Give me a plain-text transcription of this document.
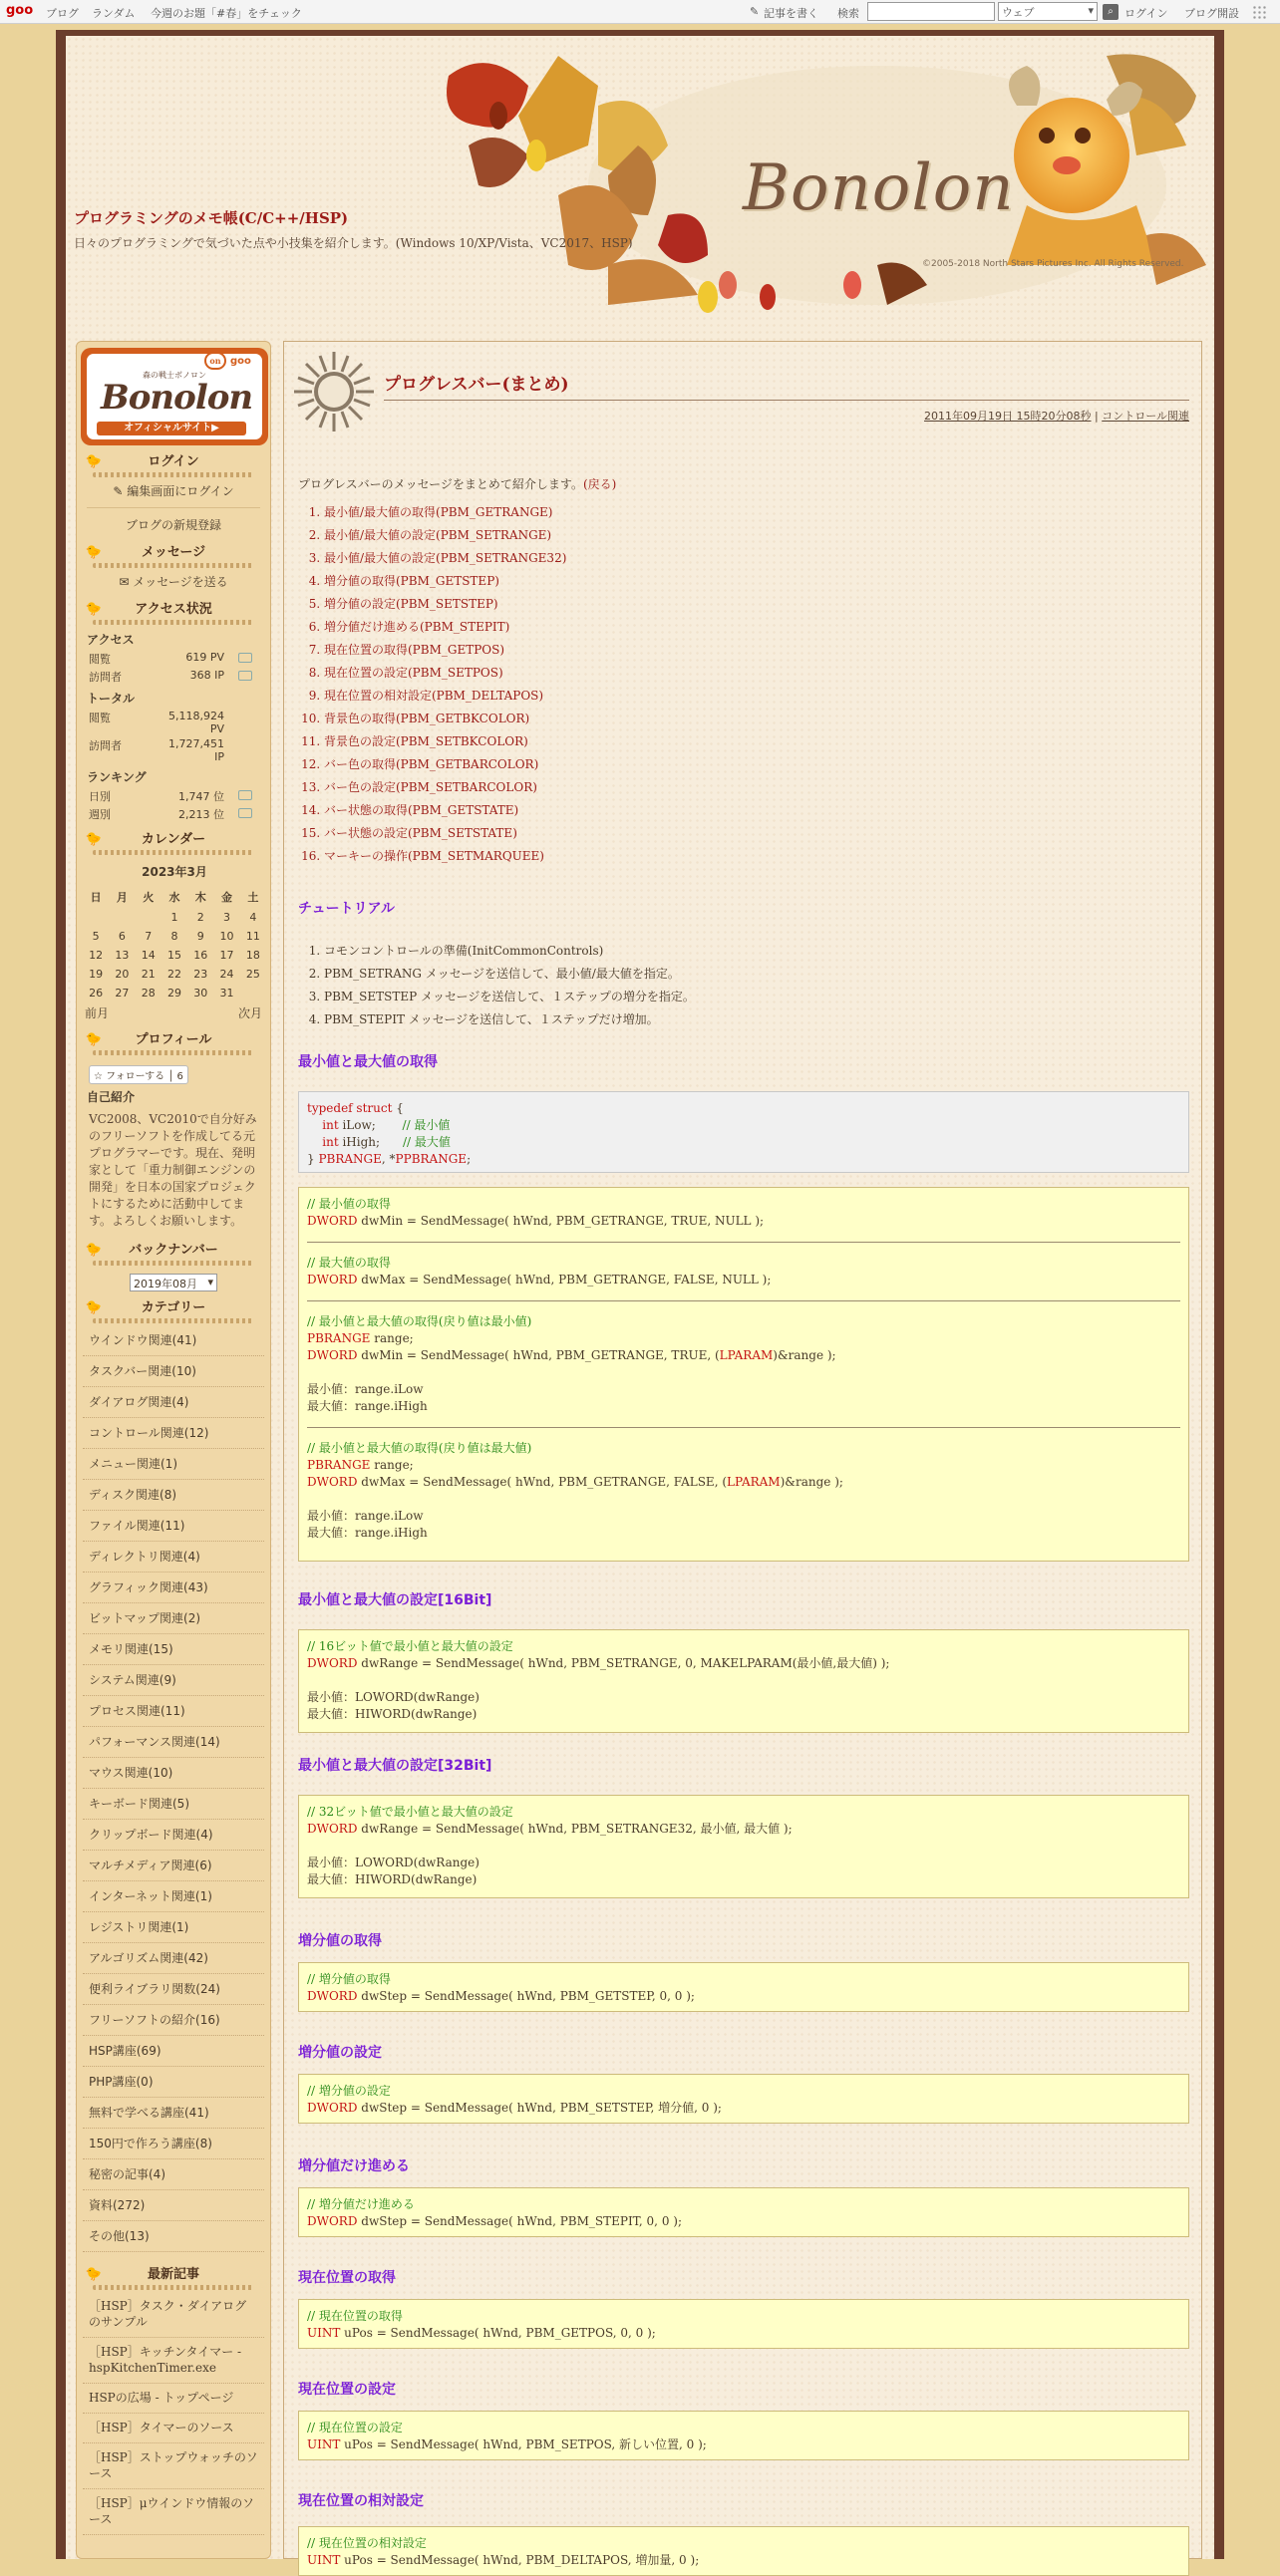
goo ブログ ランダム 今週のお題「#春」をチェック	✎ 記事を書く 検索	ウェブ	▾	⌕	ログイン ブログ開設
Bonolon
©2005-2018 North Stars Pictures Inc. All Rights Reserved.
プログラミングのメモ帳(C/C++/HSP)
日々のプログラミングで気づいた点や小技集を紹介します。(Windows 10/XP/Vista、VC2017、HSP)
on goo
森の戦士ボノロン
Bonolon
オフィシャルサイト▶
🐤	ログイン
✎ 編集画面にログイン
ブログの新規登録
🐤	メッセージ
✉ メッセージを送る
🐤	アクセス状況
アクセス
閲覧	619 PV
訪問者	368 IP
トータル
閲覧	5,118,924 PV
訪問者	1,727,451 IP
ランキング
日別	1,747 位
週別	2,213 位
🐤	カレンダー
2023年3月
日	月	火	水	木	金	土
			1	2	3	4
5	6	7	8	9	10	11
12	13	14	15	16	17	18
19	20	21	22	23	24	25
26	27	28	29	30	31	
前月	次月
🐤	プロフィール
☆ フォローする │ 6
自己紹介
VC2008、VC2010で自分好みのフリーソフトを作成してる元プログラマーです。現在、発明家として「重力制御エンジンの開発」を日本の国家プロジェクトにするために活動中してます。よろしくお願いします。
🐤 バックナンバー
2019年08月 ▾
🐤	カテゴリー
ウインドウ関連(41)
タスクバー関連(10)
ダイアログ関連(4)
コントロール関連(12)
メニュー関連(1)
ディスク関連(8)
ファイル関連(11)
ディレクトリ関連(4)
グラフィック関連(43)
ビットマップ関連(2)
メモリ関連(15)
システム関連(9)
プロセス関連(11)
パフォーマンス関連(14)
マウス関連(10)
キーボード関連(5)
クリップボード関連(4)
マルチメディア関連(6)
インターネット関連(1)
レジストリ関連(1)
アルゴリズム関連(42)
便利ライブラリ関数(24)
フリーソフトの紹介(16)
HSP講座(69)
PHP講座(0)
無料で学べる講座(41)
150円で作ろう講座(8)
秘密の記事(4)
資料(272)
その他(13)
🐤	最新記事
［HSP］タスク・ダイアログのサンプル
［HSP］キッチンタイマー - hspKitchenTimer.exe
HSPの広場 - トップページ
［HSP］タイマーのソース
［HSP］ストップウォッチのソース
［HSP］μウインドウ情報のソース
プログレスバー(まとめ)
2011年09月19日 15時20分08秒 | コントロール関連
プログレスバーのメッセージをまとめて紹介します。(戻る)
1. 最小値/最大値の取得(PBM_GETRANGE)
2. 最小値/最大値の設定(PBM_SETRANGE)
3. 最小値/最大値の設定(PBM_SETRANGE32)
4. 増分値の取得(PBM_GETSTEP)
5. 増分値の設定(PBM_SETSTEP)
6. 増分値だけ進める(PBM_STEPIT)
7. 現在位置の取得(PBM_GETPOS)
8. 現在位置の設定(PBM_SETPOS)
9. 現在位置の相対設定(PBM_DELTAPOS)
10. 背景色の取得(PBM_GETBKCOLOR)
11. 背景色の設定(PBM_SETBKCOLOR)
12. バー色の取得(PBM_GETBARCOLOR)
13. バー色の設定(PBM_SETBARCOLOR)
14. バー状態の取得(PBM_GETSTATE)
15. バー状態の設定(PBM_SETSTATE)
16. マーキーの操作(PBM_SETMARQUEE)
チュートリアル
1. コモンコントロールの準備(InitCommonControls)
2. PBM_SETRANG メッセージを送信して、最小値/最大値を指定。
3. PBM_SETSTEP メッセージを送信して、１ステップの増分を指定。
4. PBM_STEPIT メッセージを送信して、１ステップだけ増加。
最小値と最大値の取得
typedef struct {
int iLow;       // 最小値
int iHigh;      // 最大値
} PBRANGE, *PPBRANGE;
// 最小値の取得
DWORD dwMin = SendMessage( hWnd, PBM_GETRANGE, TRUE, NULL );
// 最大値の取得
DWORD dwMax = SendMessage( hWnd, PBM_GETRANGE, FALSE, NULL );
// 最小値と最大値の取得(戻り値は最小値)
PBRANGE range;
DWORD dwMin = SendMessage( hWnd, PBM_GETRANGE, TRUE, (LPARAM)&range );

最小値：range.iLow
最大値：range.iHigh
// 最小値と最大値の取得(戻り値は最大値)
PBRANGE range;
DWORD dwMax = SendMessage( hWnd, PBM_GETRANGE, FALSE, (LPARAM)&range );

最小値：range.iLow
最大値：range.iHigh
最小値と最大値の設定[16Bit]
// 16ビット値で最小値と最大値の設定
DWORD dwRange = SendMessage( hWnd, PBM_SETRANGE, 0, MAKELPARAM(最小値,最大値) );

最小値：LOWORD(dwRange)
最大値：HIWORD(dwRange)
最小値と最大値の設定[32Bit]
// 32ビット値で最小値と最大値の設定
DWORD dwRange = SendMessage( hWnd, PBM_SETRANGE32, 最小値, 最大値 );

最小値：LOWORD(dwRange)
最大値：HIWORD(dwRange)
増分値の取得
// 増分値の取得
DWORD dwStep = SendMessage( hWnd, PBM_GETSTEP, 0, 0 );
増分値の設定
// 増分値の設定
DWORD dwStep = SendMessage( hWnd, PBM_SETSTEP, 増分値, 0 );
増分値だけ進める
// 増分値だけ進める
DWORD dwStep = SendMessage( hWnd, PBM_STEPIT, 0, 0 );
現在位置の取得
// 現在位置の取得
UINT uPos = SendMessage( hWnd, PBM_GETPOS, 0, 0 );
現在位置の設定
// 現在位置の設定
UINT uPos = SendMessage( hWnd, PBM_SETPOS, 新しい位置, 0 );
現在位置の相対設定
// 現在位置の相対設定
UINT uPos = SendMessage( hWnd, PBM_DELTAPOS, 増加量, 0 );
